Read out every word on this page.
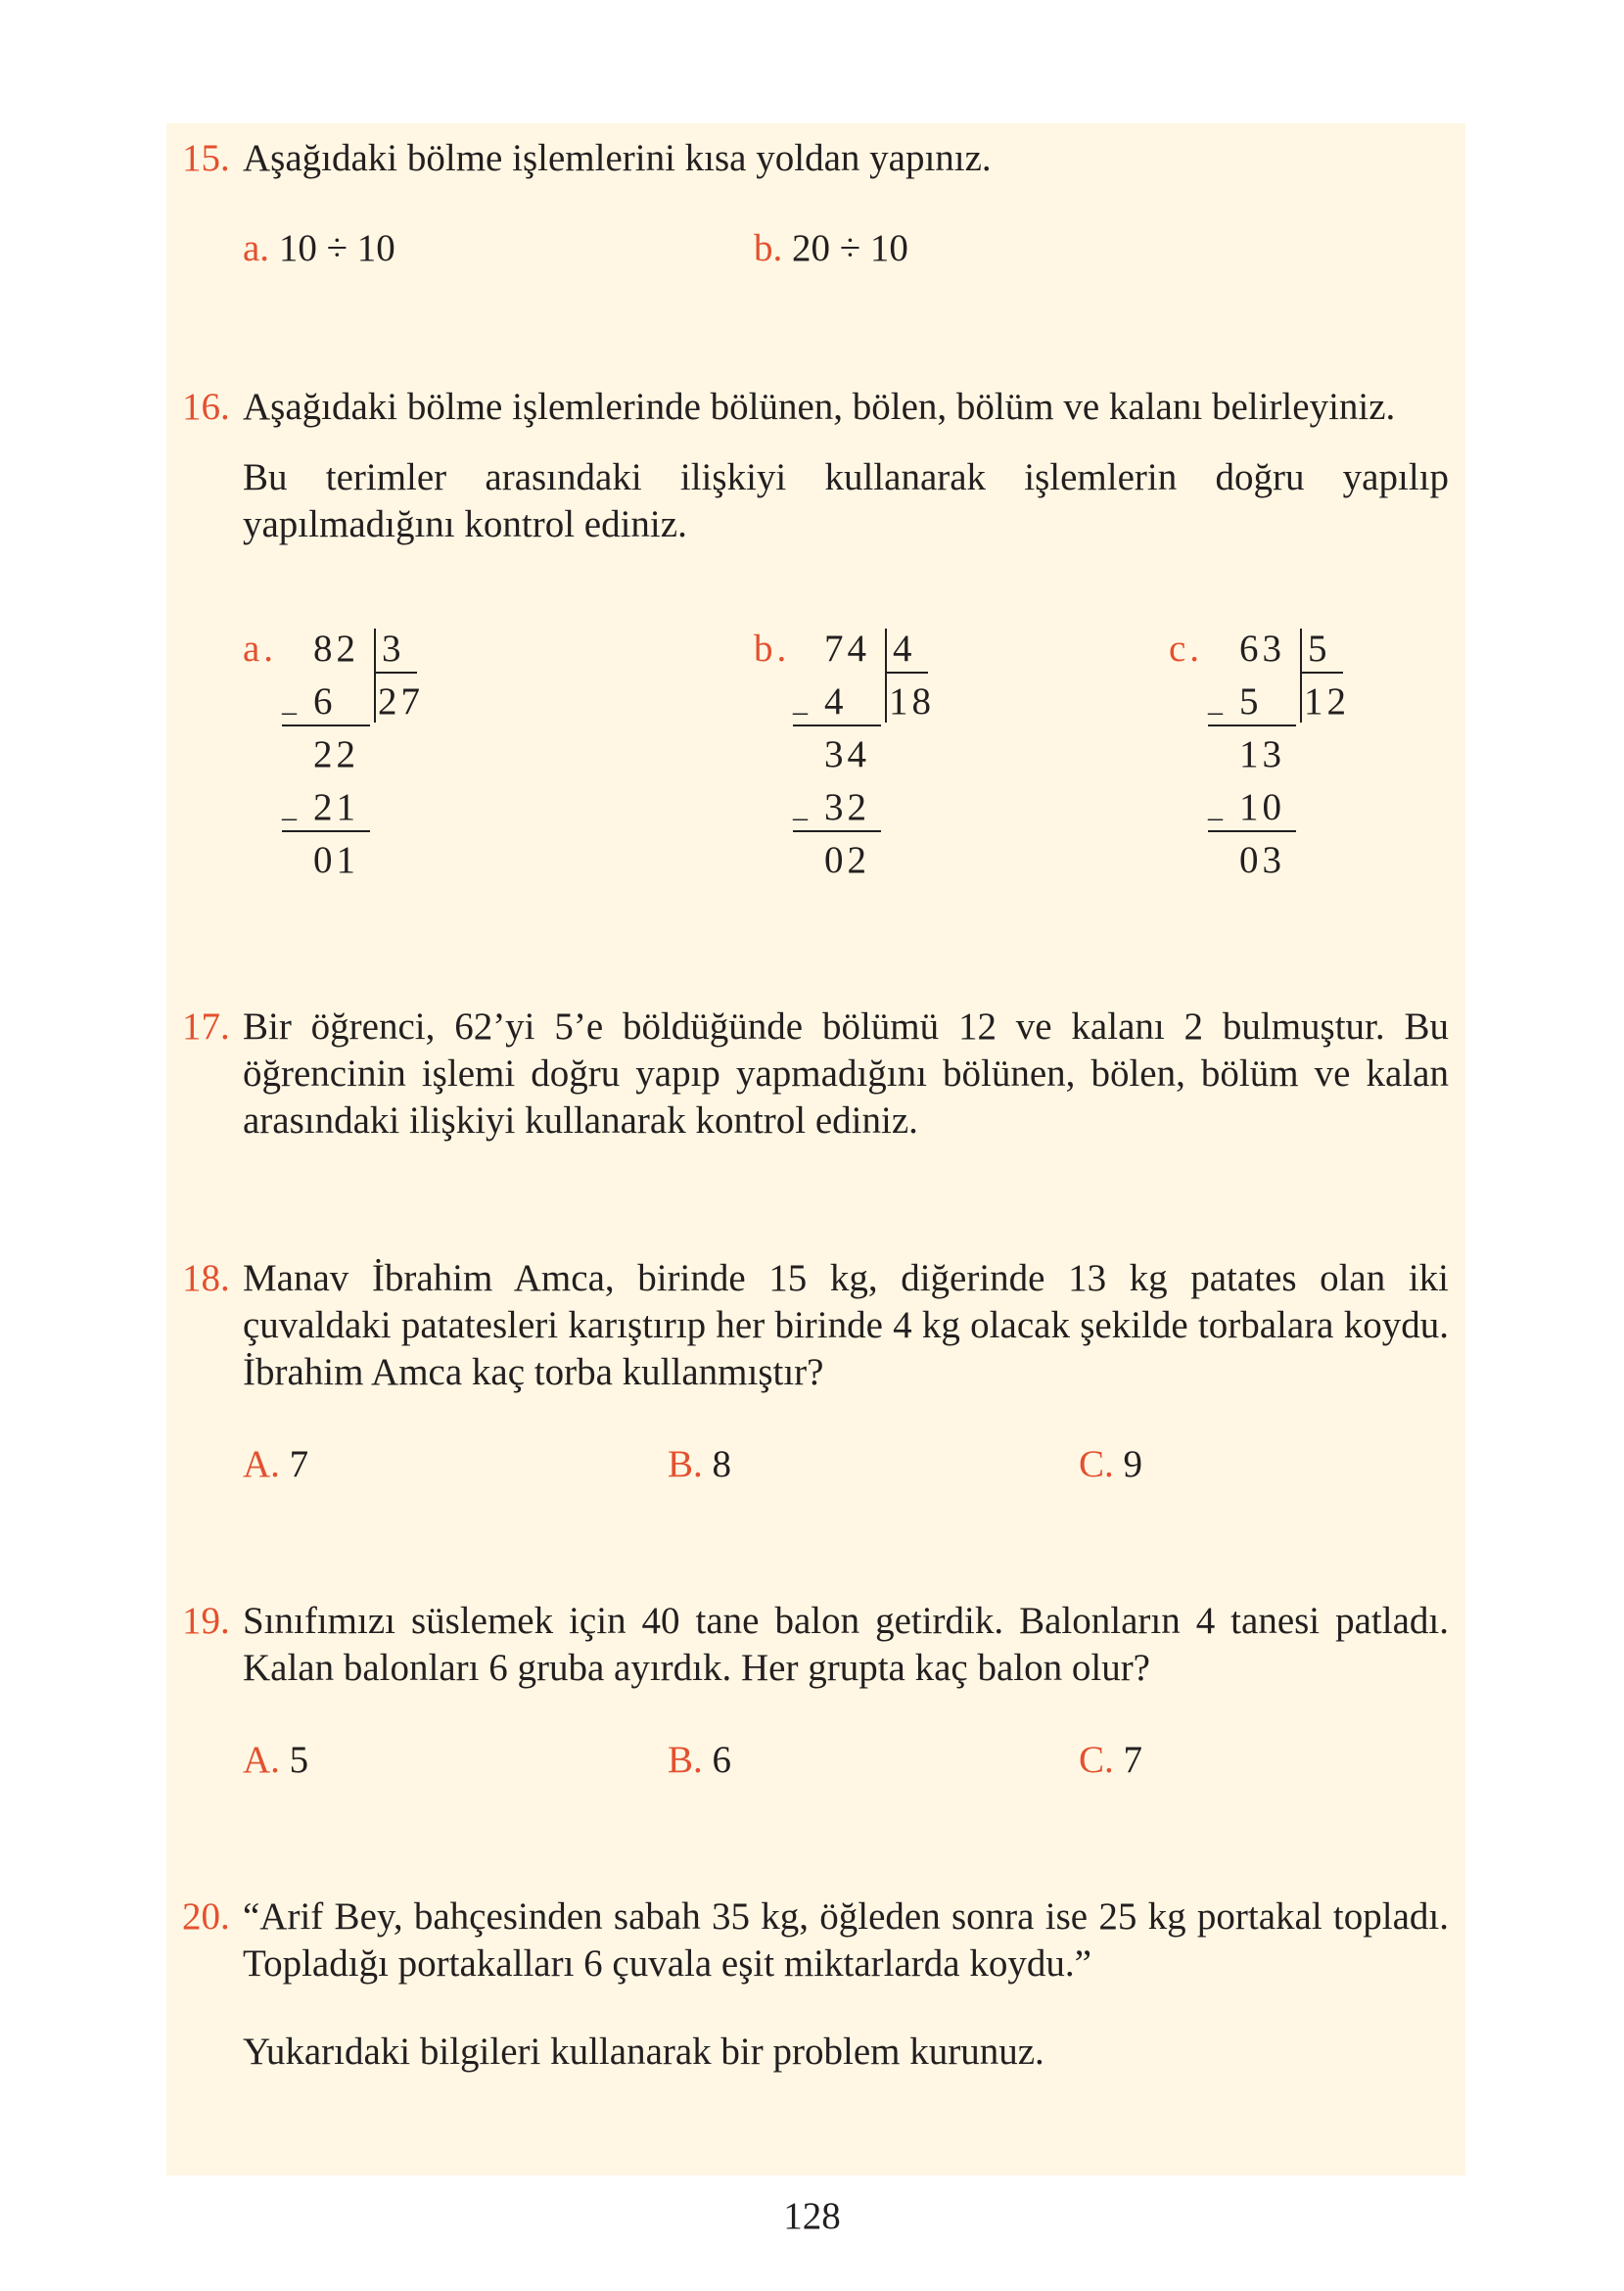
15. Aşağıdaki bölme işlemlerini kısa yoldan yapınız.
a. 10 ÷ 10	b. 20 ÷ 10
16. Aşağıdaki bölme işlemlerinde bölünen, bölen, bölüm ve kalanı belirleyiniz.

Bu terimler arasındaki ilişkiyi kullanarak işlemlerin doğru yapılıp yapılmadığını kontrol ediniz.

a. 82 3
27
_ 6
22
_ 21
01
b. 74 4
18
_ 4
34
_ 32
02
c. 63 5
12
_ 5
13
_ 10
03
17. Bir öğrenci, 62’yi 5’e böldüğünde bölümü 12 ve kalanı 2 bulmuştur. Bu öğrencinin işlemi doğru yapıp yapmadığını bölünen, bölen, bölüm ve kalan arasındaki ilişkiyi kullanarak kontrol ediniz.
18. Manav İbrahim Amca, birinde 15 kg, diğerinde 13 kg patates olan iki çuvaldaki patatesleri karıştırıp her birinde 4 kg olacak şekilde torbalara koydu. İbrahim Amca kaç torba kullanmıştır?
A. 7	B. 8	C. 9
19. Sınıfımızı süslemek için 40 tane balon getirdik. Balonların 4 tanesi patladı. Kalan balonları 6 gruba ayırdık. Her grupta kaç balon olur?
A. 5	B. 6	C. 7
20. “Arif Bey, bahçesinden sabah 35 kg, öğleden sonra ise 25 kg portakal topladı. Topladığı portakalları 6 çuvala eşit miktarlarda koydu.”

Yukarıdaki bilgileri kullanarak bir problem kurunuz.

128
